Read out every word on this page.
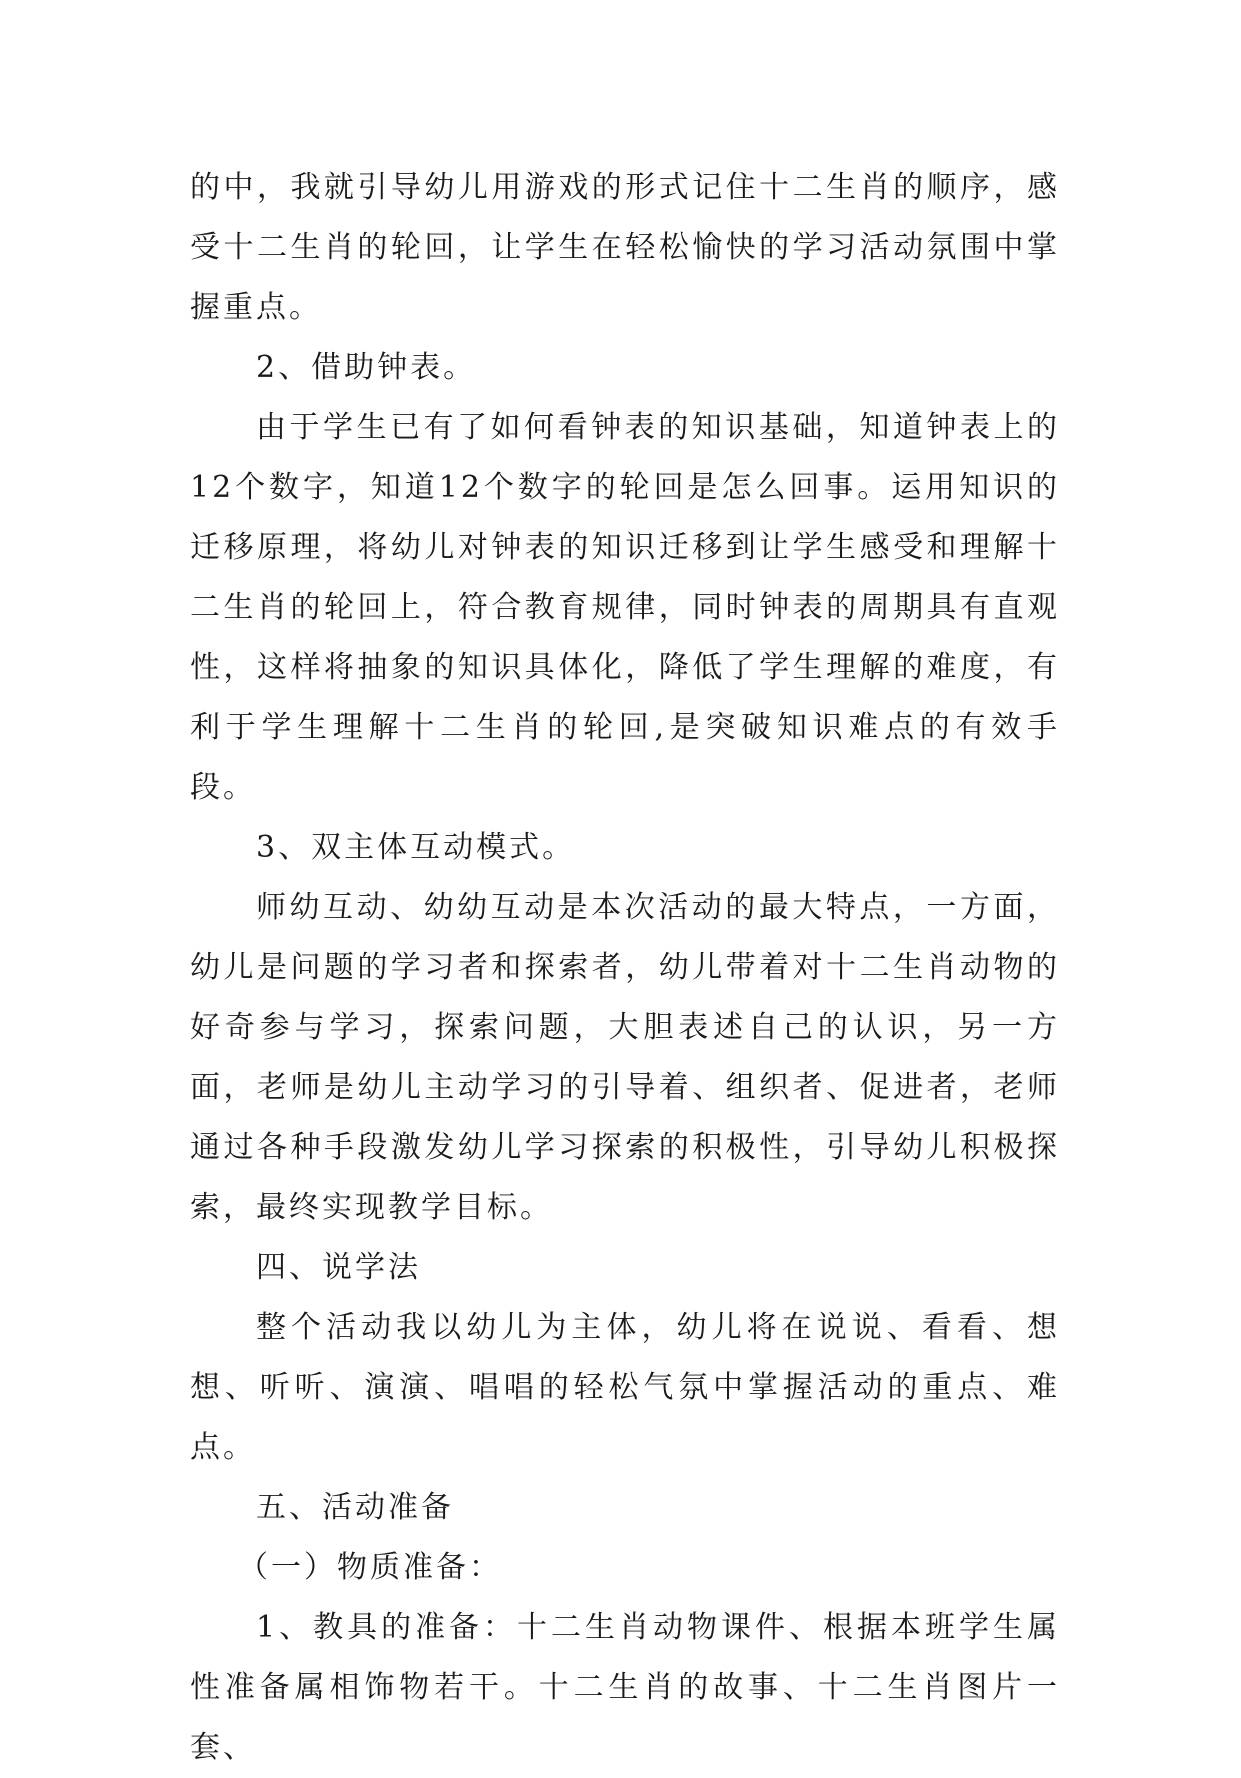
的中，我就引导幼儿用游戏的形式记住十二生肖的顺序，感受十二生肖的轮回，让学生在轻松愉快的学习活动氛围中掌握重点。

2、借助钟表。

由于学生已有了如何看钟表的知识基础，知道钟表上的12个数字，知道12个数字的轮回是怎么回事。运用知识的迁移原理，将幼儿对钟表的知识迁移到让学生感受和理解十二生肖的轮回上，符合教育规律，同时钟表的周期具有直观性，这样将抽象的知识具体化，降低了学生理解的难度，有利于学生理解十二生肖的轮回,是突破知识难点的有效手段。

3、双主体互动模式。

师幼互动、幼幼互动是本次活动的最大特点，一方面，幼儿是问题的学习者和探索者，幼儿带着对十二生肖动物的好奇参与学习，探索问题，大胆表述自己的认识，另一方面，老师是幼儿主动学习的引导着、组织者、促进者，老师通过各种手段激发幼儿学习探索的积极性，引导幼儿积极探索，最终实现教学目标。

四、说学法

整个活动我以幼儿为主体，幼儿将在说说、看看、想想、听听、演演、唱唱的轻松气氛中掌握活动的重点、难点。

五、活动准备

（一）物质准备：

1、教具的准备：十二生肖动物课件、根据本班学生属性准备属相饰物若干。十二生肖的故事、十二生肖图片一套、
